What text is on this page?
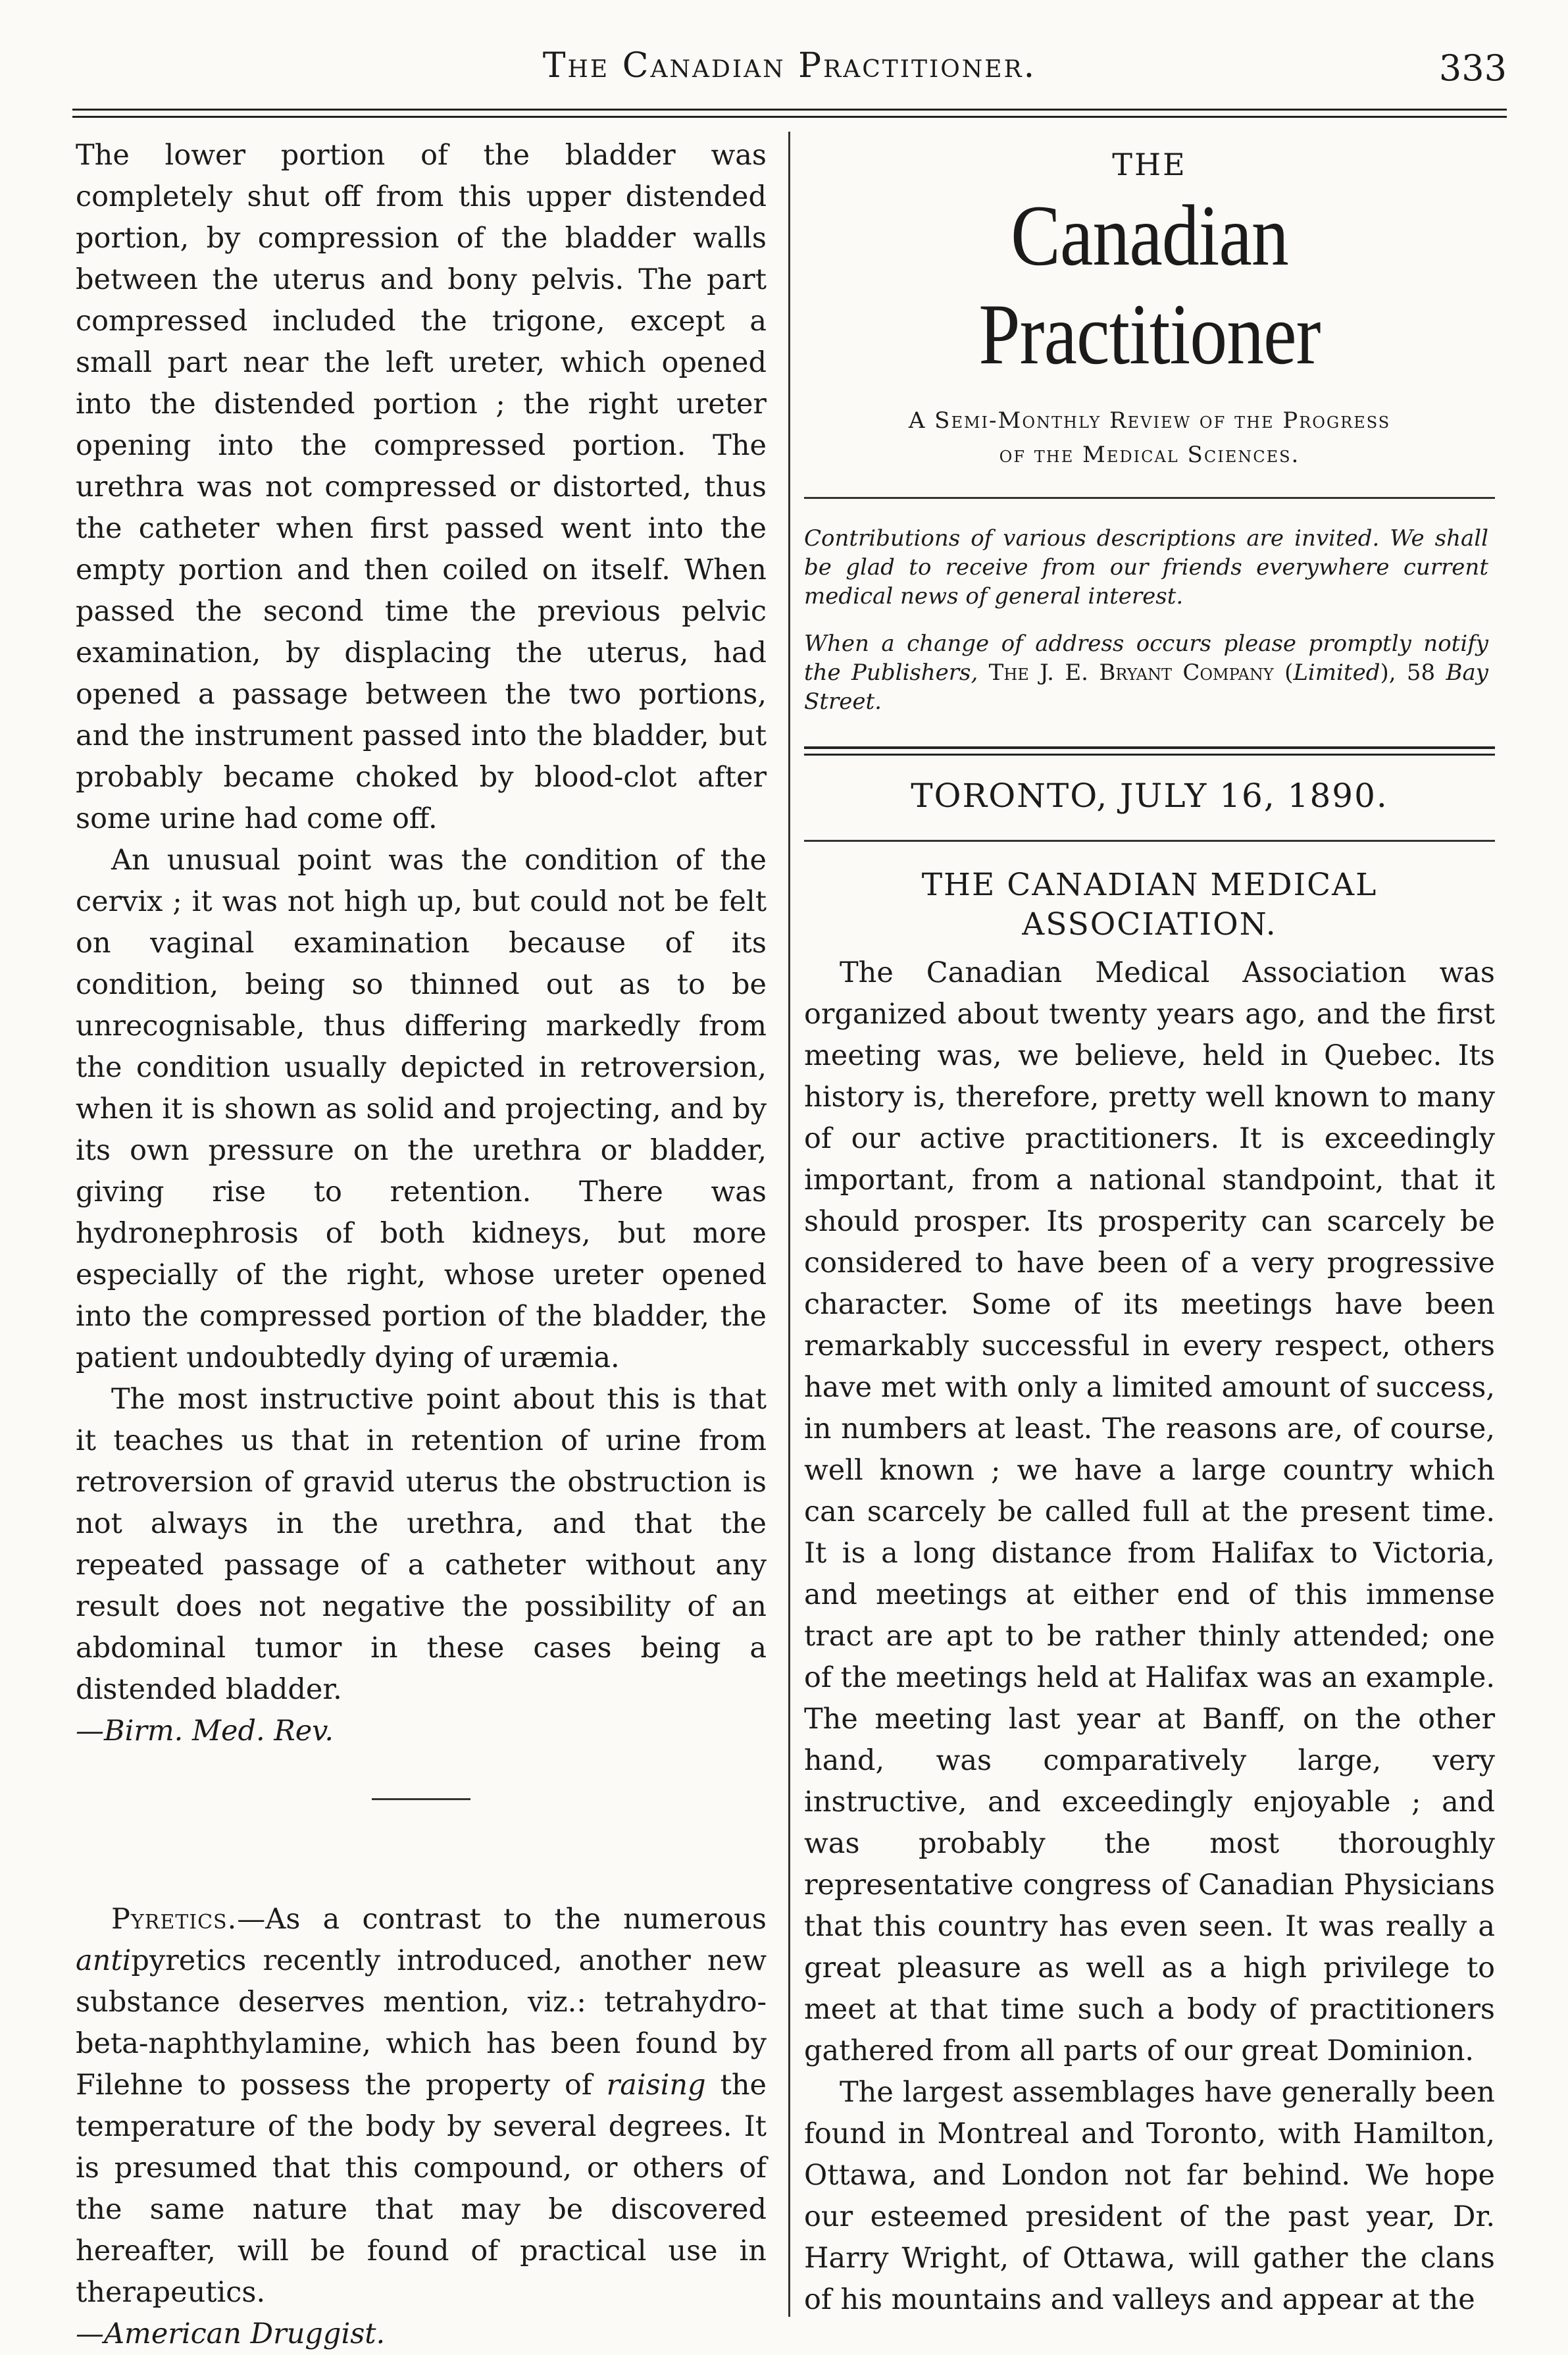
The Canadian Practitioner.	333

The lower portion of the bladder was completely shut off from this upper distended portion, by compression of the bladder walls between the uterus and bony pelvis. The part compressed included the trigone, except a small part near the left ureter, which opened into the distended portion ; the right ureter opening into the compressed portion. The urethra was not compressed or distorted, thus the catheter when first passed went into the empty portion and then coiled on itself. When passed the second time the previous pelvic examination, by displacing the uterus, had opened a passage between the two portions, and the instrument passed into the bladder, but probably became choked by blood-clot after some urine had come off.

An unusual point was the condition of the cervix ; it was not high up, but could not be felt on vaginal examination because of its condition, being so thinned out as to be unrecognisable, thus differing markedly from the condition usually depicted in retroversion, when it is shown as solid and projecting, and by its own pressure on the urethra or bladder, giving rise to retention. There was hydronephrosis of both kidneys, but more especially of the right, whose ureter opened into the compressed portion of the bladder, the patient undoubtedly dying of uræmia.

The most instructive point about this is that it teaches us that in retention of urine from retroversion of gravid uterus the obstruction is not always in the urethra, and that the repeated passage of a catheter without any result does not negative the possibility of an abdominal tumor in these cases being a distended bladder.
—Birm. Med. Rev.

Pyretics.—As a contrast to the numerous antipyretics recently introduced, another new substance deserves mention, viz.: tetrahydro-beta-naphthylamine, which has been found by Filehne to possess the property of raising the temperature of the body by several degrees. It is presumed that this compound, or others of the same nature that may be discovered hereafter, will be found of practical use in therapeutics.
—American Druggist.

THE
Canadian Practitioner
A Semi-Monthly Review of the Progress
of the Medical Sciences.

Contributions of various descriptions are invited. We shall be glad to receive from our friends everywhere current medical news of general interest.

When a change of address occurs please promptly notify the Publishers, The J. E. Bryant Company (Limited), 58 Bay Street.

TORONTO, JULY 16, 1890.
THE CANADIAN MEDICAL ASSOCIATION.

The Canadian Medical Association was organized about twenty years ago, and the first meeting was, we believe, held in Quebec. Its history is, therefore, pretty well known to many of our active practitioners. It is exceedingly important, from a national standpoint, that it should prosper. Its prosperity can scarcely be considered to have been of a very progressive character. Some of its meetings have been remarkably successful in every respect, others have met with only a limited amount of success, in numbers at least. The reasons are, of course, well known ; we have a large country which can scarcely be called full at the present time. It is a long distance from Halifax to Victoria, and meetings at either end of this immense tract are apt to be rather thinly attended; one of the meetings held at Halifax was an example. The meeting last year at Banff, on the other hand, was comparatively large, very instructive, and exceedingly enjoyable ; and was probably the most thoroughly representative congress of Canadian Physicians that this country has even seen. It was really a great pleasure as well as a high privilege to meet at that time such a body of practitioners gathered from all parts of our great Dominion.

The largest assemblages have generally been found in Montreal and Toronto, with Hamilton, Ottawa, and London not far behind. We hope our esteemed president of the past year, Dr. Harry Wright, of Ottawa, will gather the clans of his mountains and valleys and appear at the
